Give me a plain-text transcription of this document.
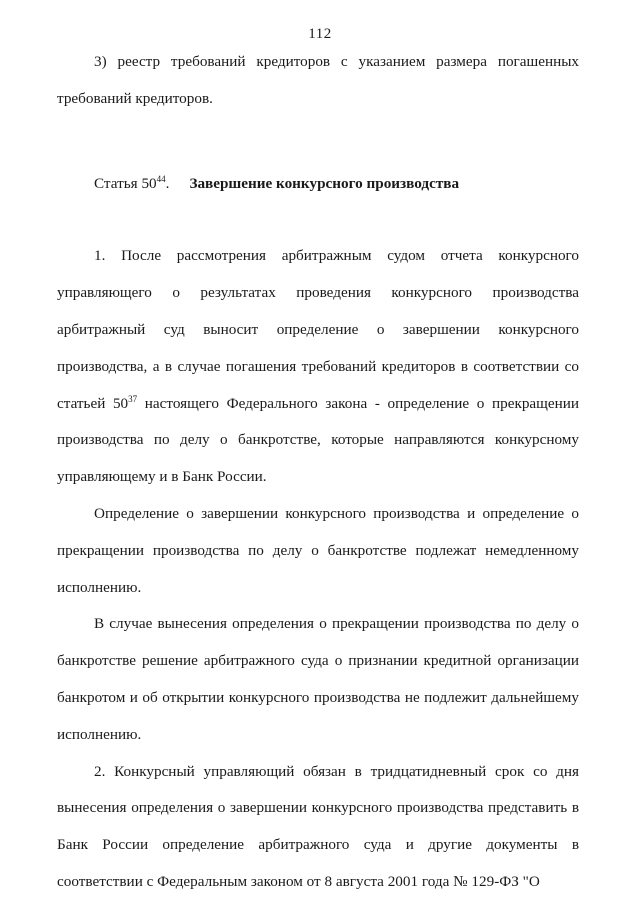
112

3) реестр требований кредиторов с указанием размера погашенных требований кредиторов.

Статья $50^{44}$. Завершение конкурсного производства

1. После рассмотрения арбитражным судом отчета конкурсного управляющего о результатах проведения конкурсного производства арбитражный суд выносит определение о завершении конкурсного производства, а в случае погашения требований кредиторов в соответствии со статьей $50^{37}$ настоящего Федерального закона - определение о прекращении производства по делу о банкротстве, которые направляются конкурсному управляющему и в Банк России.

Определение о завершении конкурсного производства и определение о прекращении производства по делу о банкротстве подлежат немедленному исполнению.

В случае вынесения определения о прекращении производства по делу о банкротстве решение арбитражного суда о признании кредитной организации банкротом и об открытии конкурсного производства не подлежит дальнейшему исполнению.

2. Конкурсный управляющий обязан в тридцатидневный срок со дня вынесения определения о завершении конкурсного производства представить в Банк России определение арбитражного суда и другие документы в соответствии с Федеральным законом от 8 августа 2001 года № 129-ФЗ "О
